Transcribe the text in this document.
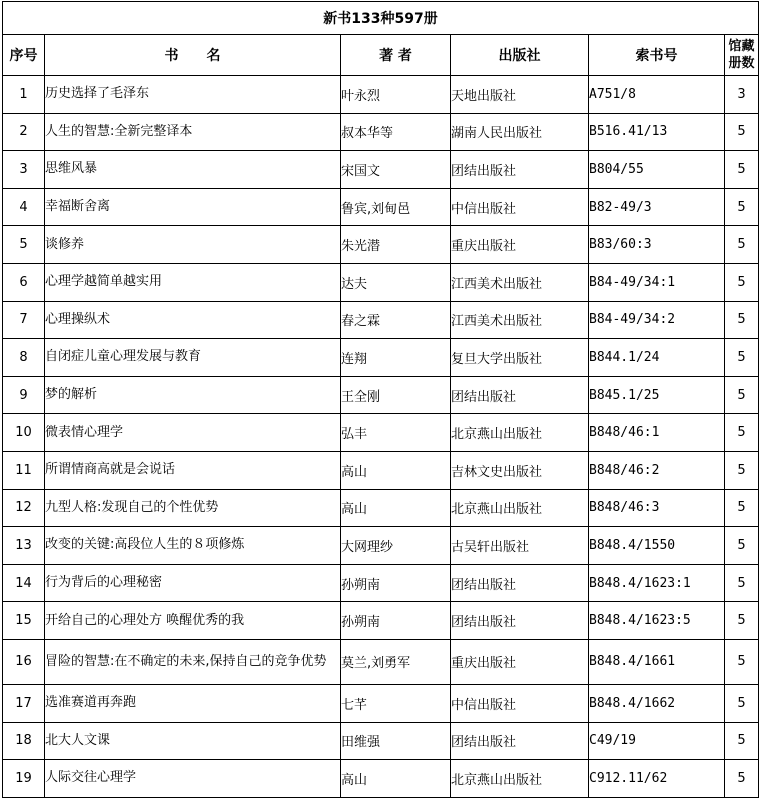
新书133种597册					
序号	书　　名	著 者	出版社	索书号	馆藏册数
1	历史选择了毛泽东	叶永烈	天地出版社	A751/8	3
2	人生的智慧:全新完整译本	叔本华等	湖南人民出版社	B516.41/13	5
3	思维风暴	宋国文	团结出版社	B804/55	5
4	幸福断舍离	鲁宾,刘甸邑	中信出版社	B82-49/3	5
5	谈修养	朱光潜	重庆出版社	B83/60:3	5
6	心理学越简单越实用	达夫	江西美术出版社	B84-49/34:1	5
7	心理操纵术	春之霖	江西美术出版社	B84-49/34:2	5
8	自闭症儿童心理发展与教育	连翔	复旦大学出版社	B844.1/24	5
9	梦的解析	王全刚	团结出版社	B845.1/25	5
10	微表情心理学	弘丰	北京燕山出版社	B848/46:1	5
11	所谓情商高就是会说话	高山	吉林文史出版社	B848/46:2	5
12	九型人格:发现自己的个性优势	高山	北京燕山出版社	B848/46:3	5
13	改变的关键:高段位人生的８项修炼	大网理纱	古吴轩出版社	B848.4/1550	5
14	行为背后的心理秘密	孙朔南	团结出版社	B848.4/1623:1	5
15	开给自己的心理处方 唤醒优秀的我	孙朔南	团结出版社	B848.4/1623:5	5
16	冒险的智慧:在不确定的未来,保持自己的竞争优势	莫兰,刘勇军	重庆出版社	B848.4/1661	5
17	选准赛道再奔跑	七芊	中信出版社	B848.4/1662	5
18	北大人文课	田维强	团结出版社	C49/19	5
19	人际交往心理学	高山	北京燕山出版社	C912.11/62	5
